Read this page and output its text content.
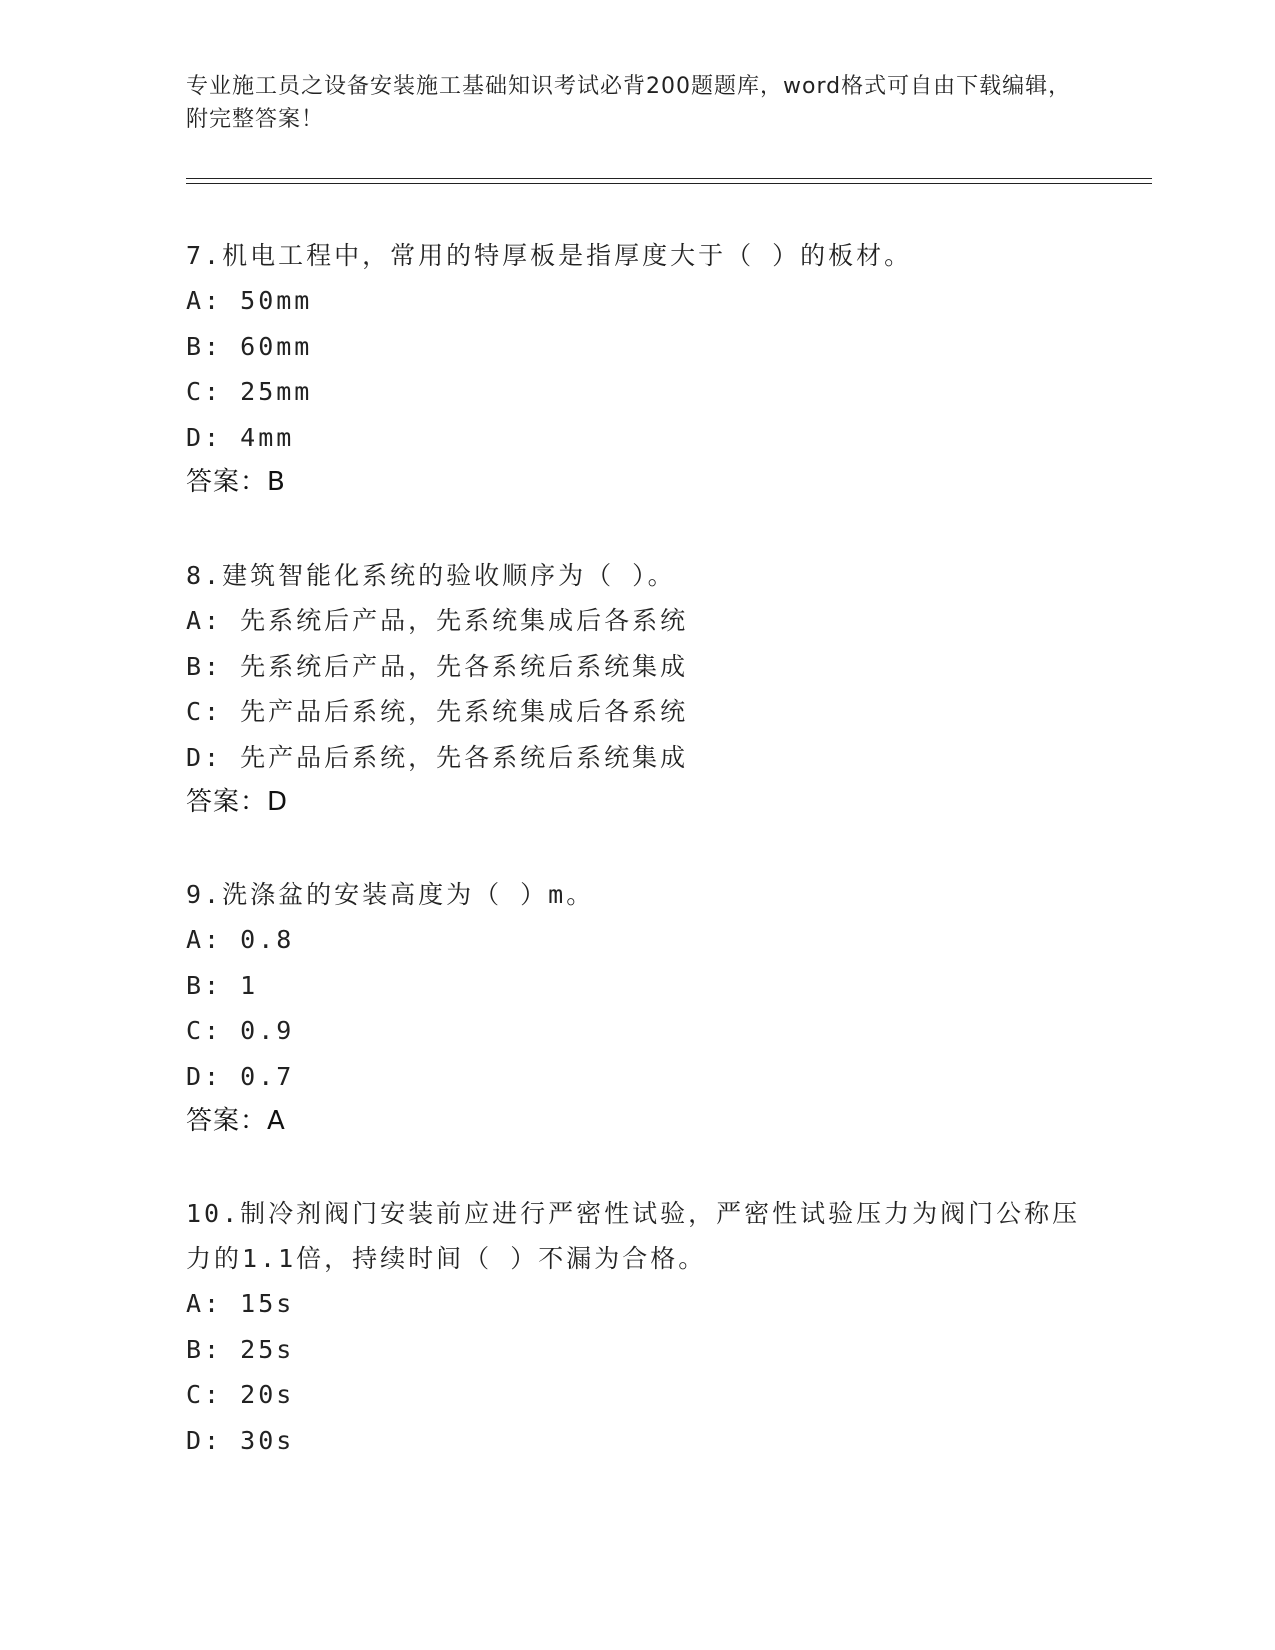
专业施工员之设备安装施工基础知识考试必背200题题库，word格式可自由下载编辑，附完整答案！

7.机电工程中，常用的特厚板是指厚度大于（ ）的板材。

A: 50mm

B: 60mm

C: 25mm

D: 4mm

答案：B

8.建筑智能化系统的验收顺序为（ ）。

A: 先系统后产品，先系统集成后各系统

B: 先系统后产品，先各系统后系统集成

C: 先产品后系统，先系统集成后各系统

D: 先产品后系统，先各系统后系统集成

答案：D

9.洗涤盆的安装高度为（ ）m。

A: 0.8

B: 1

C: 0.9

D: 0.7

答案：A

10.制冷剂阀门安装前应进行严密性试验，严密性试验压力为阀门公称压力的1.1倍，持续时间（ ）不漏为合格。

A: 15s

B: 25s

C: 20s

D: 30s
